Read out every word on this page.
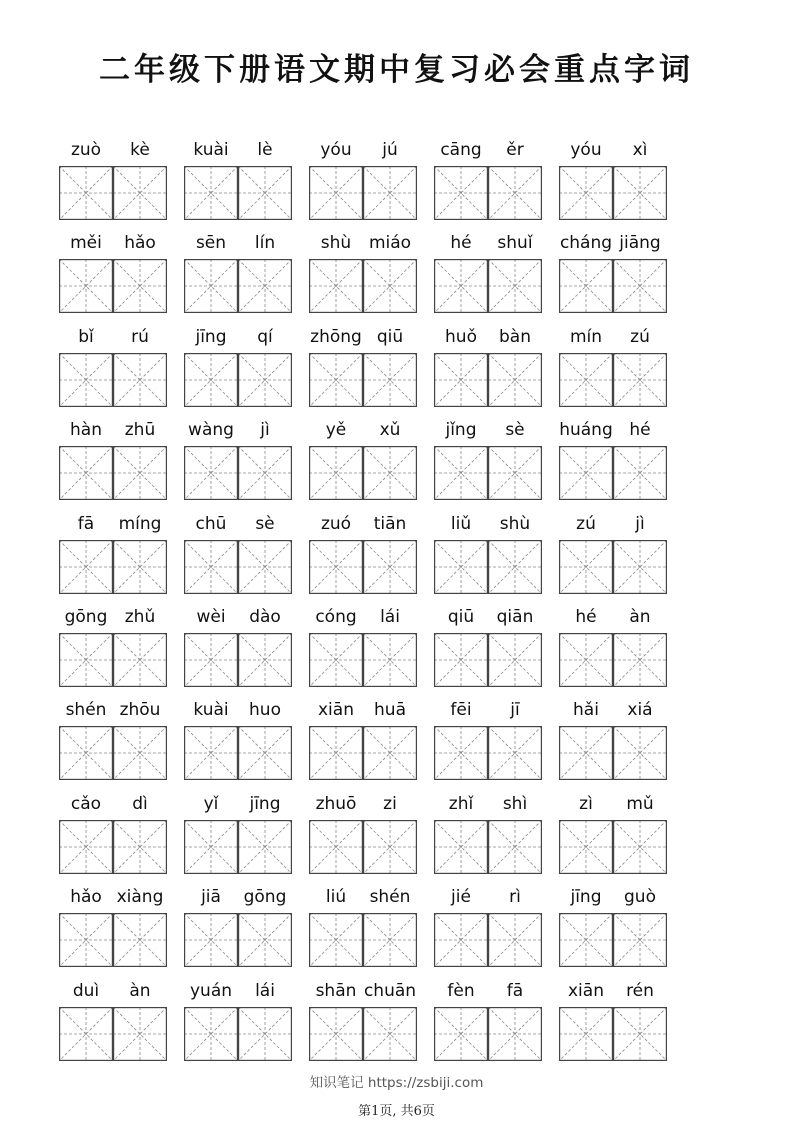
二年级下册语文期中复习必会重点字词
zuò	kè	kuài	lè	yóu	jú	cāng	ěr	yóu	xì
měi	hǎo	sēn	lín	shù	miáo	hé	shuǐ	cháng jiāng
bǐ	rú	jīng	qí	zhōng qiū	huǒ	bàn	mín	zú
hàn	zhū	wàng	jì	yě	xǔ	jǐng	sè	huáng hé
fā	míng	chū	sè	zuó	tiān	liǔ	shù	zú	jì
gōng	zhǔ	wèi	dào	cóng	lái	qiū	qiān	hé	àn
shén zhōu	kuài	huo	xiān	huā	fēi	jī	hǎi	xiá
cǎo	dì	yǐ	jīng	zhuō	zi	zhǐ	shì	zì	mǔ
hǎo xiàng	jiā	gōng	liú	shén	jié	rì	jīng	guò
duì	àn	yuán	lái	shān chuān	fèn	fā	xiān	rén
知识笔记 https://zsbiji.com
第1页, 共6页
